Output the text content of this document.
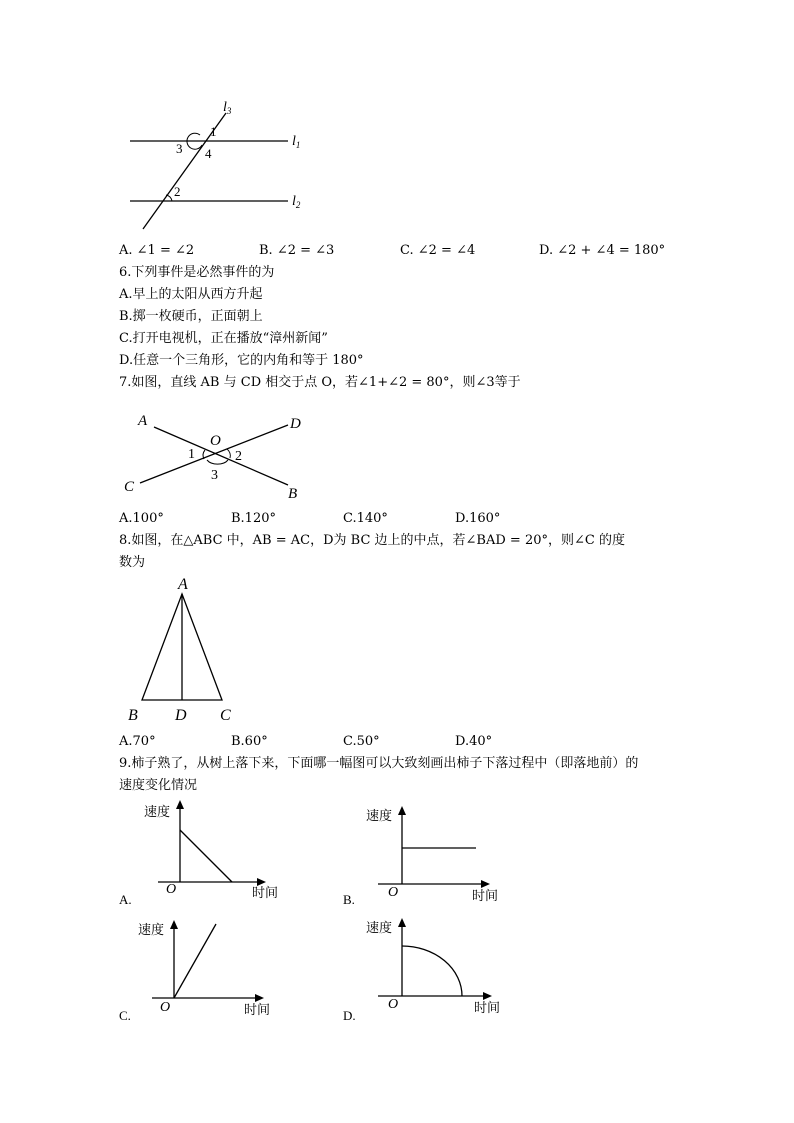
$l_3$
$l_1$
$l_2$
1
3 4
2
A. ∠1 = ∠2	B. ∠2 = ∠3	C. ∠2 = ∠4	D. ∠2 + ∠4 = 180°
6.下列事件是必然事件的为
A.早上的太阳从西方升起
B.掷一枚硬币，正面朝上
C.打开电视机，正在播放“漳州新闻”
D.任意一个三角形，它的内角和等于 180°
7.如图，直线 AB 与 CD 相交于点 O，若∠1+∠2 = 80°，则∠3等于
A	D
O
C	B
1	2
3
A.100°	B.120°	C.140°	D.160°
8.如图，在△ABC 中，AB = AC，D为 BC 边上的中点，若∠BAD = 20°，则∠C 的度
数为
A
B D C
A.70°	B.60°	C.50°	D.40°
9.柿子熟了，从树上落下来，下面哪一幅图可以大致刻画出柿子下落过程中（即落地前）的
速度变化情况
速度
时间
O
A.
速度
时间
O
B.
速度
时间
O
C.
速度
时间
O
D.
